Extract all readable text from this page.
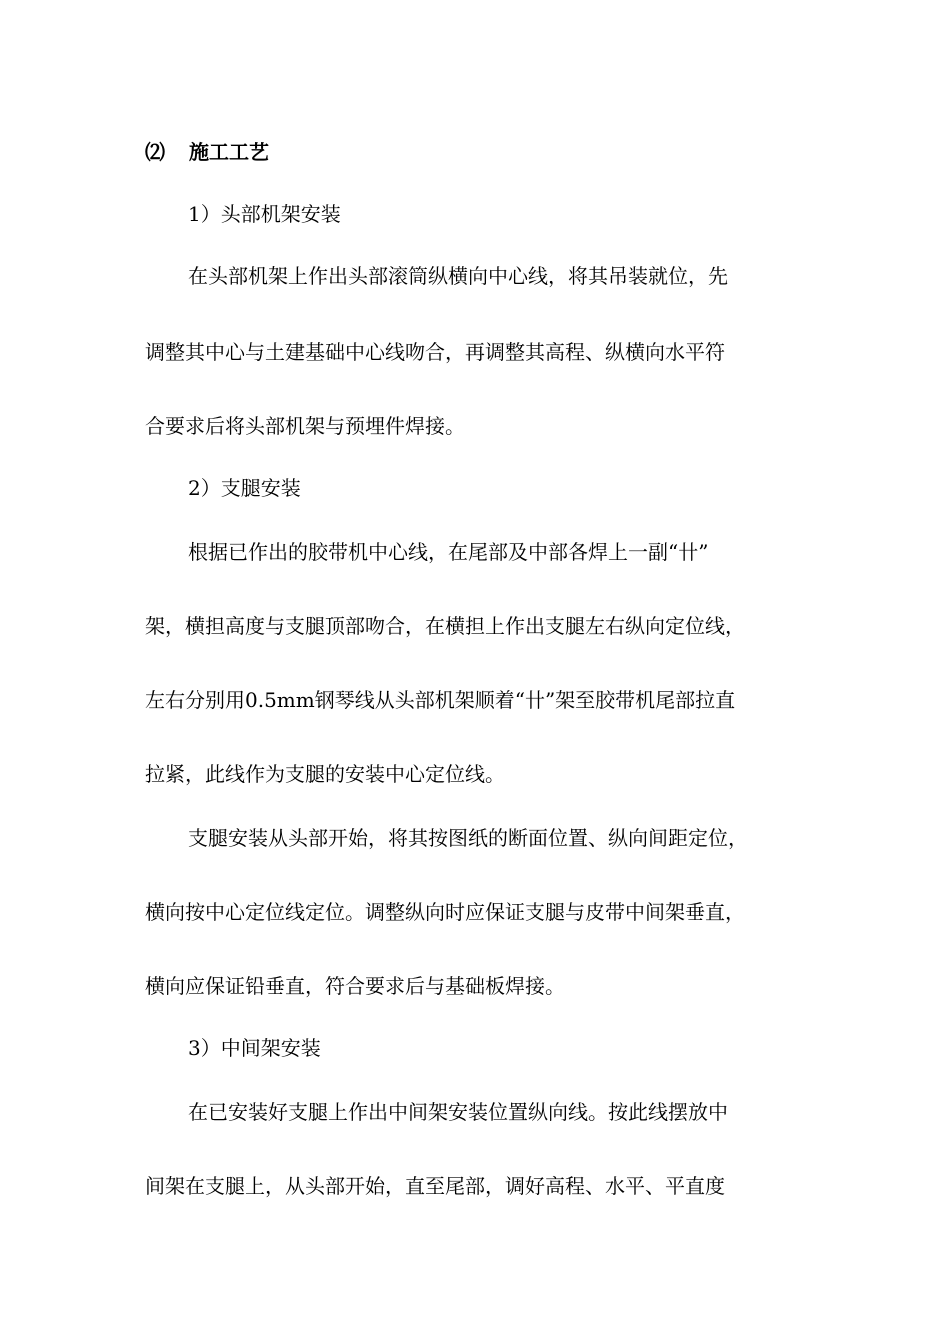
⑵ 施工工艺
1）头部机架安装
在头部机架上作出头部滚筒纵横向中心线，将其吊装就位，先
调整其中心与土建基础中心线吻合，再调整其高程、纵横向水平符
合要求后将头部机架与预埋件焊接。
2）支腿安装
根据已作出的胶带机中心线，在尾部及中部各焊上一副“卄”
架，横担高度与支腿顶部吻合，在横担上作出支腿左右纵向定位线，
左右分别用0.5mm钢琴线从头部机架顺着“卄”架至胶带机尾部拉直
拉紧，此线作为支腿的安装中心定位线。
支腿安装从头部开始，将其按图纸的断面位置、纵向间距定位，
横向按中心定位线定位。调整纵向时应保证支腿与皮带中间架垂直，
横向应保证铅垂直，符合要求后与基础板焊接。
3）中间架安装
在已安装好支腿上作出中间架安装位置纵向线。按此线摆放中
间架在支腿上，从头部开始，直至尾部，调好高程、水平、平直度
